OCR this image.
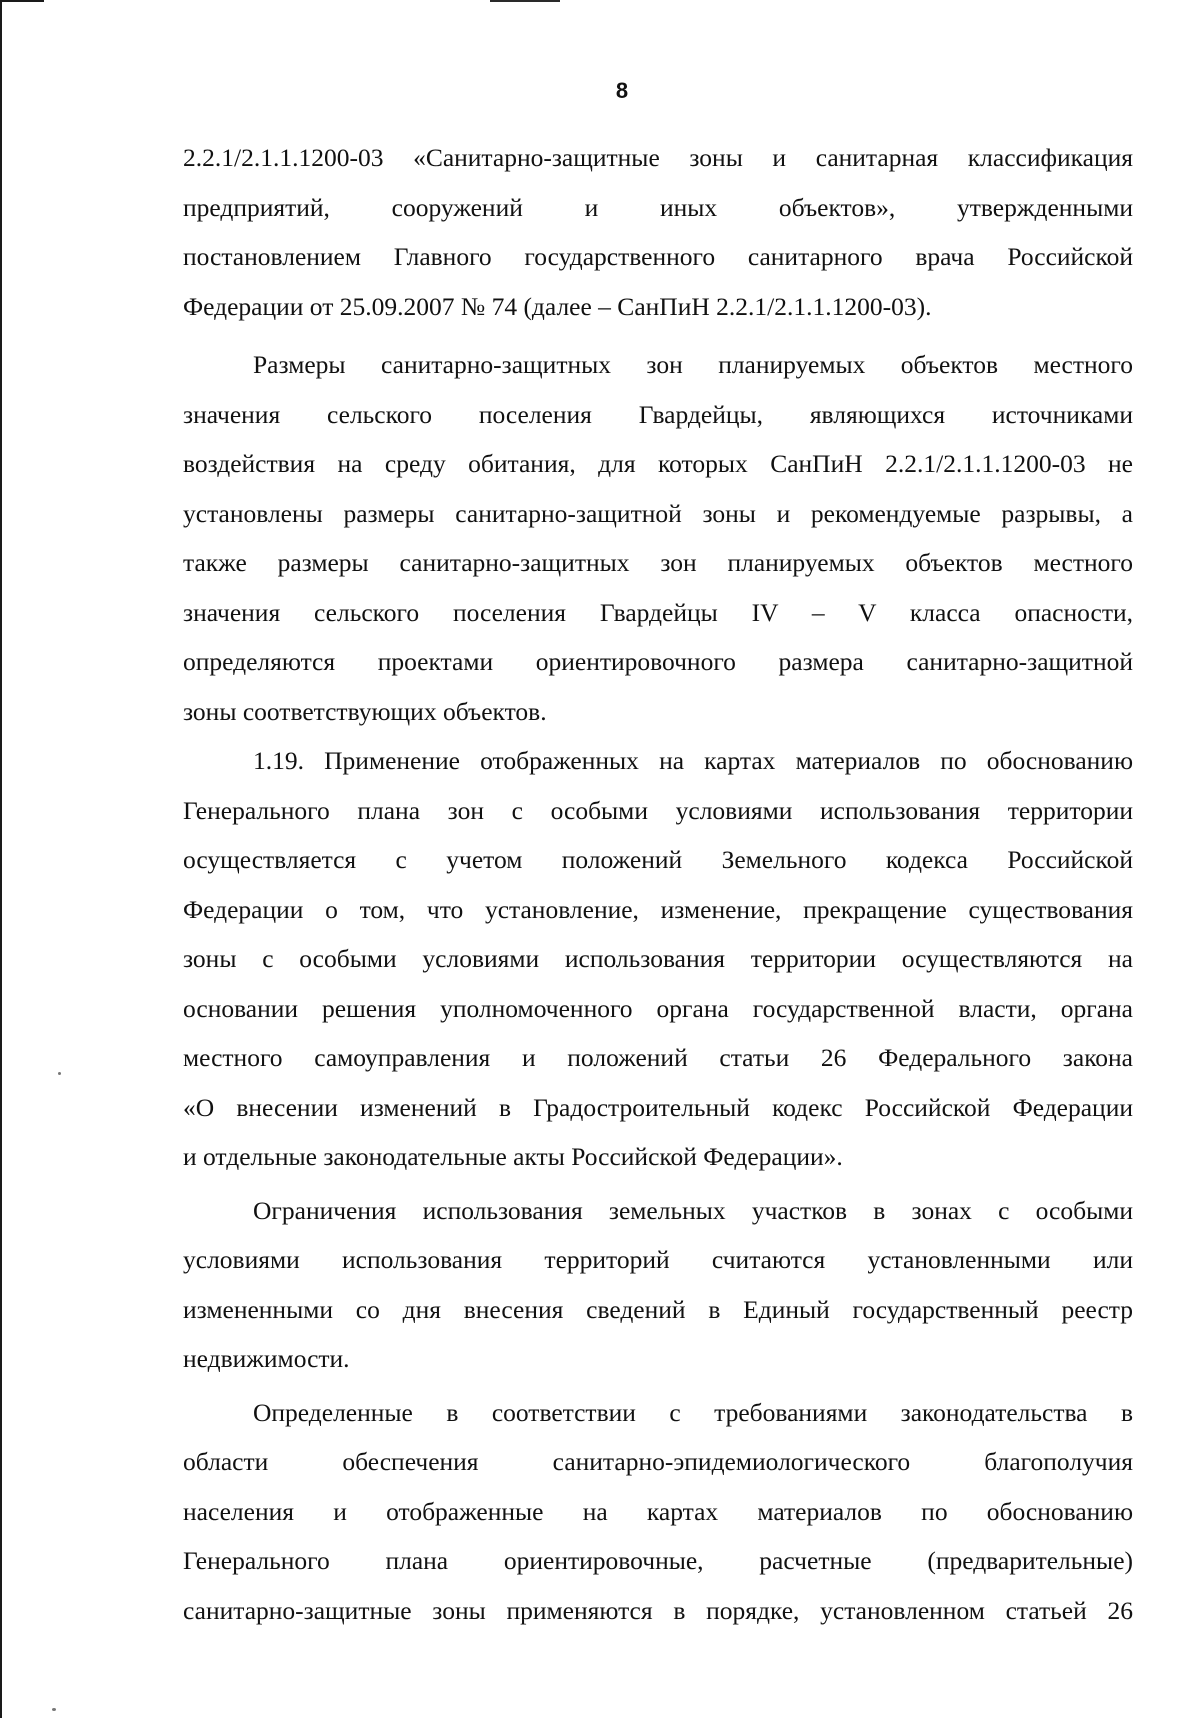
8
2.2.1/2.1.1.1200-03 «Санитарно-защитные зоны и санитарная классификация
предприятий, сооружений и иных объектов», утвержденными
постановлением Главного государственного санитарного врача Российской
Федерации от 25.09.2007 № 74 (далее – СанПиН 2.2.1/2.1.1.1200-03).
Размеры санитарно-защитных зон планируемых объектов местного
значения сельского поселения Гвардейцы, являющихся источниками
воздействия на среду обитания, для которых СанПиН 2.2.1/2.1.1.1200-03 не
установлены размеры санитарно-защитной зоны и рекомендуемые разрывы, а
также размеры санитарно-защитных зон планируемых объектов местного
значения сельского поселения Гвардейцы IV – V класса опасности,
определяются проектами ориентировочного размера санитарно-защитной
зоны соответствующих объектов.
1.19. Применение отображенных на картах материалов по обоснованию
Генерального плана зон с особыми условиями использования территории
осуществляется с учетом положений Земельного кодекса Российской
Федерации о том, что установление, изменение, прекращение существования
зоны с особыми условиями использования территории осуществляются на
основании решения уполномоченного органа государственной власти, органа
местного самоуправления и положений статьи 26 Федерального закона
«О внесении изменений в Градостроительный кодекс Российской Федерации
и отдельные законодательные акты Российской Федерации».
Ограничения использования земельных участков в зонах с особыми
условиями использования территорий считаются установленными или
измененными со дня внесения сведений в Единый государственный реестр
недвижимости.
Определенные в соответствии с требованиями законодательства в
области обеспечения санитарно-эпидемиологического благополучия
населения и отображенные на картах материалов по обоснованию
Генерального плана ориентировочные, расчетные (предварительные)
санитарно-защитные зоны применяются в порядке, установленном статьей 26
